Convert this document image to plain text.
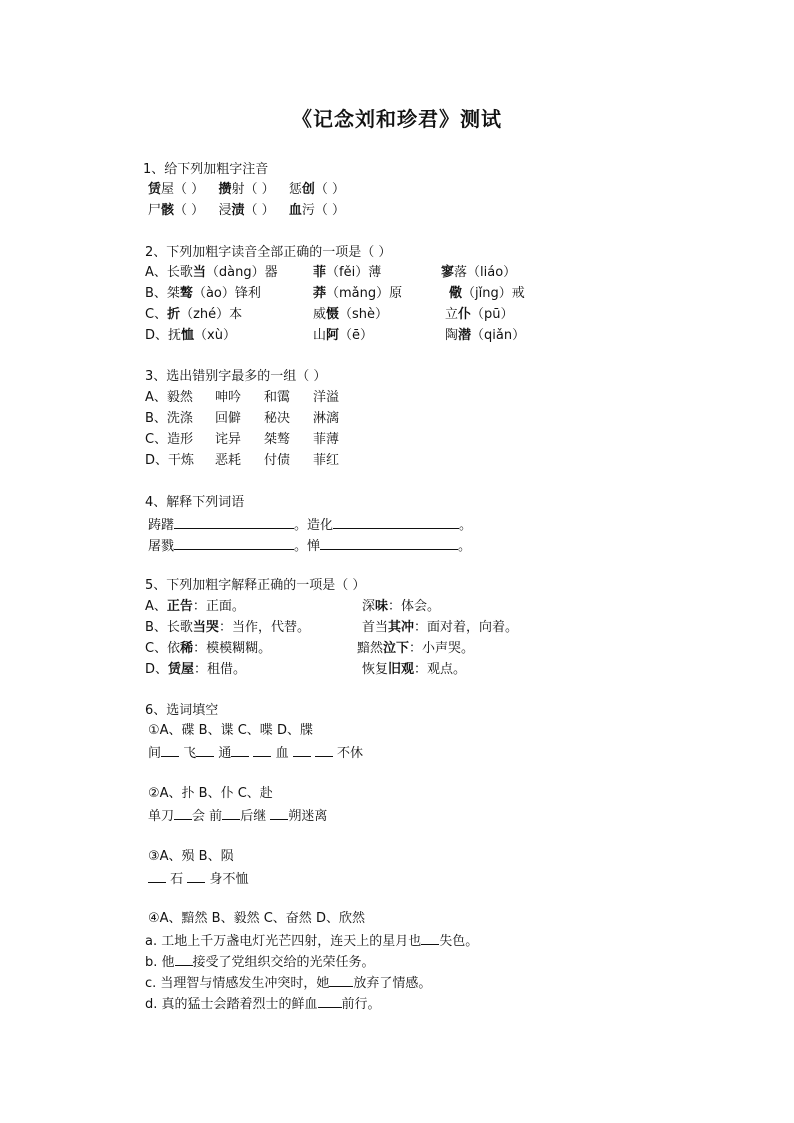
《记念刘和珍君》测试
1、给下列加粗字注音
赁屋（ ） 攒射（ ） 惩创（ ）
尸骸（ ） 浸渍（ ） 血污（ ）
2、下列加粗字读音全部正确的一项是（ ）
A、长歌当（dàng）器	菲（fěi）薄	寥落（liáo）
B、桀骜（ào）锋利	莽（mǎng）原	儆（jǐng）戒
C、折（zhé）本	威慑（shè）	立仆（pū）
D、抚恤（xù）	山阿（ē）	陶潜（qiǎn）
3、选出错别字最多的一组（ ）
A、毅然 呻吟 和霭 洋溢
B、洗涤 回僻 秘决 淋漓
C、造形 诧异 桀骜 菲薄
D、干炼 恶耗 付债 菲红
4、解释下列词语
踌躇	。造化	。
屠戮	。惮	。
5、下列加粗字解释正确的一项是（ ）
A、正告：正面。	深味：体会。
B、长歌当哭：当作，代替。	首当其冲：面对着，向着。
C、依稀：模模糊糊。	黯然泣下：小声哭。
D、赁屋：租借。	恢复旧观：观点。
6、选词填空
①A、碟 B、谍 C、喋 D、牒
间 飞 通	血	不休
②A、扑 B、仆 C、赴
单刀 会 前 后继 朔迷离
③A、殒 B、陨
石 身不恤
④A、黯然 B、毅然 C、奋然 D、欣然
a. 工地上千万盏电灯光芒四射，连天上的星月也 失色。
b. 他 接受了党组织交给的光荣任务。
c. 当理智与情感发生冲突时，她 放弃了情感。
d. 真的猛士会踏着烈士的鲜血 前行。
